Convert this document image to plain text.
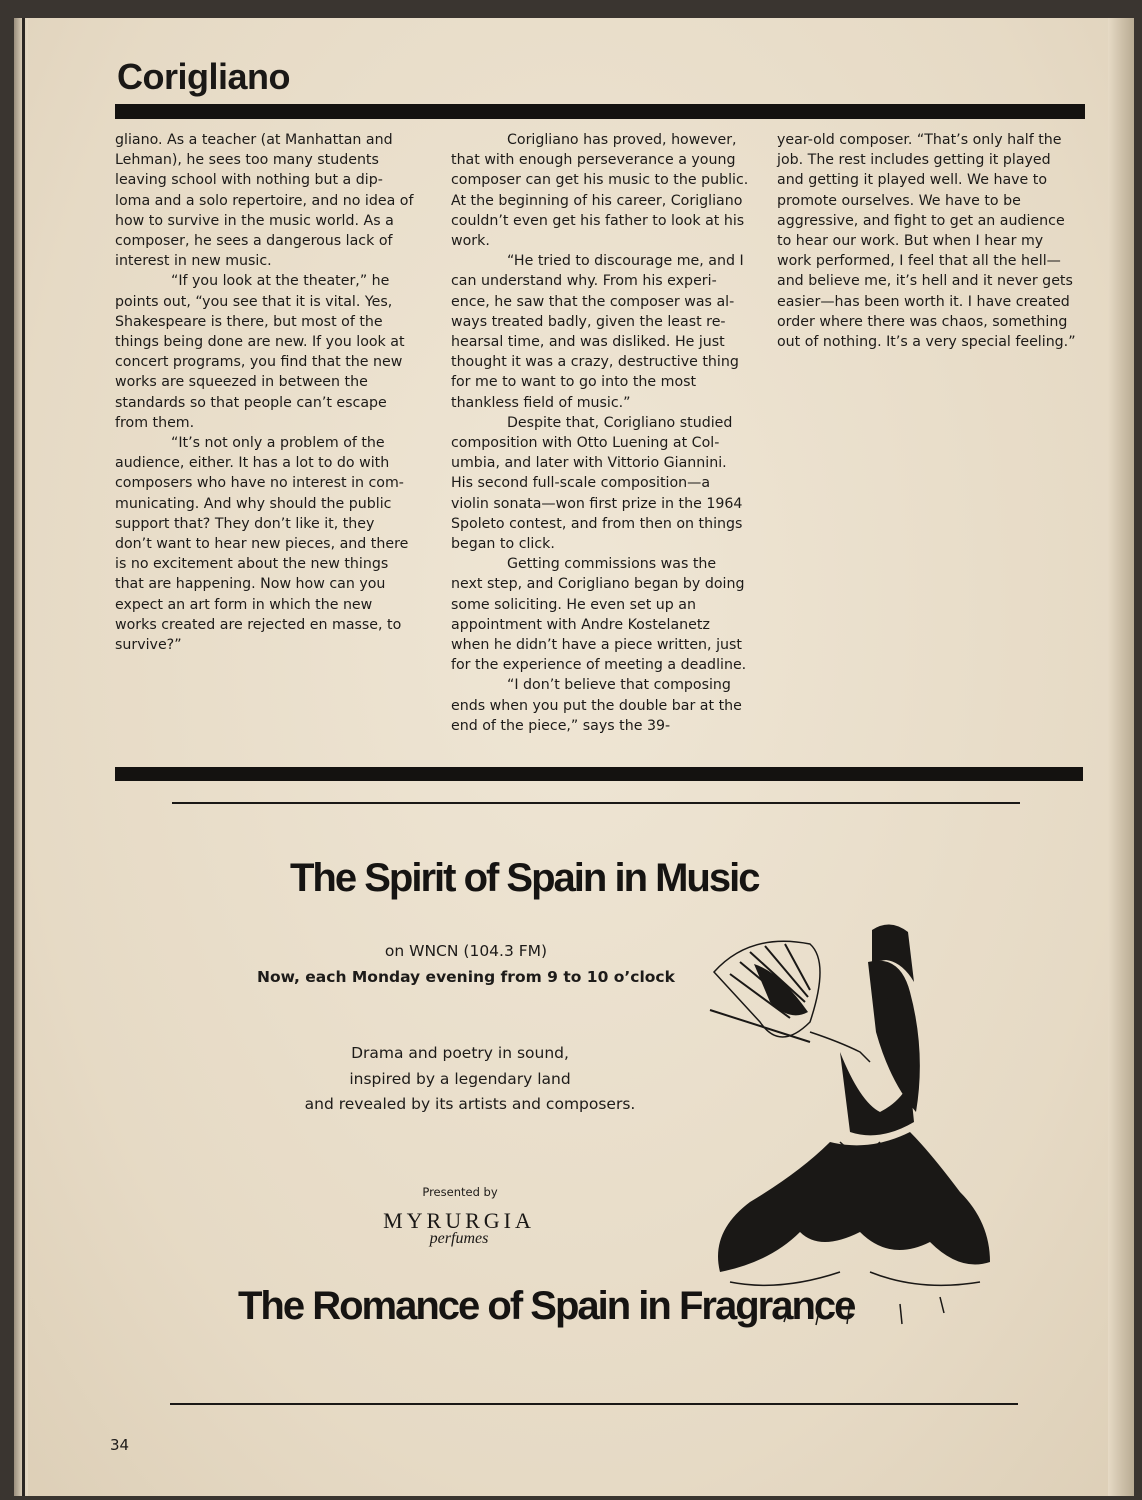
Corigliano

gliano. As a teacher (at Manhattan and Lehman), he sees too many students leaving school with nothing but a dip- loma and a solo repertoire, and no idea of how to survive in the music world. As a composer, he sees a dangerous lack of interest in new music.

“If you look at the theater,” he points out, “you see that it is vital. Yes, Shakespeare is there, but most of the things being done are new. If you look at concert programs, you find that the new works are squeezed in between the standards so that people can’t escape from them.

“It’s not only a problem of the audience, either. It has a lot to do with composers who have no interest in com- municating. And why should the public support that? They don’t like it, they don’t want to hear new pieces, and there is no excitement about the new things that are happening. Now how can you expect an art form in which the new works created are rejected en masse, to survive?”

Corigliano has proved, however, that with enough perseverance a young composer can get his music to the public. At the beginning of his career, Corigliano couldn’t even get his father to look at his work.

“He tried to discourage me, and I can understand why. From his experi- ence, he saw that the composer was al- ways treated badly, given the least re- hearsal time, and was disliked. He just thought it was a crazy, destructive thing for me to want to go into the most thankless field of music.”

Despite that, Corigliano studied composition with Otto Luening at Col- umbia, and later with Vittorio Giannini. His second full-scale composition—a violin sonata—won first prize in the 1964 Spoleto contest, and from then on things began to click.

Getting commissions was the next step, and Corigliano began by doing some soliciting. He even set up an appointment with Andre Kostelanetz when he didn’t have a piece written, just for the experience of meeting a deadline.

“I don’t believe that composing ends when you put the double bar at the end of the piece,” says the 39-

year-old composer. “That’s only half the job. The rest includes getting it played and getting it played well. We have to promote ourselves. We have to be aggressive, and fight to get an audience to hear our work. But when I hear my work performed, I feel that all the hell—and believe me, it’s hell and it never gets easier—has been worth it. I have created order where there was chaos, something out of nothing. It’s a very special feeling.”

The Spirit of Spain in Music
on WNCN (104.3 FM)
Now, each Monday evening from 9 to 10 o’clock
Drama and poetry in sound,
inspired by a legendary land
and revealed by its artists and composers.
Presented by
MYRURGIA
perfumes
The Romance of Spain in Fragrance
34
